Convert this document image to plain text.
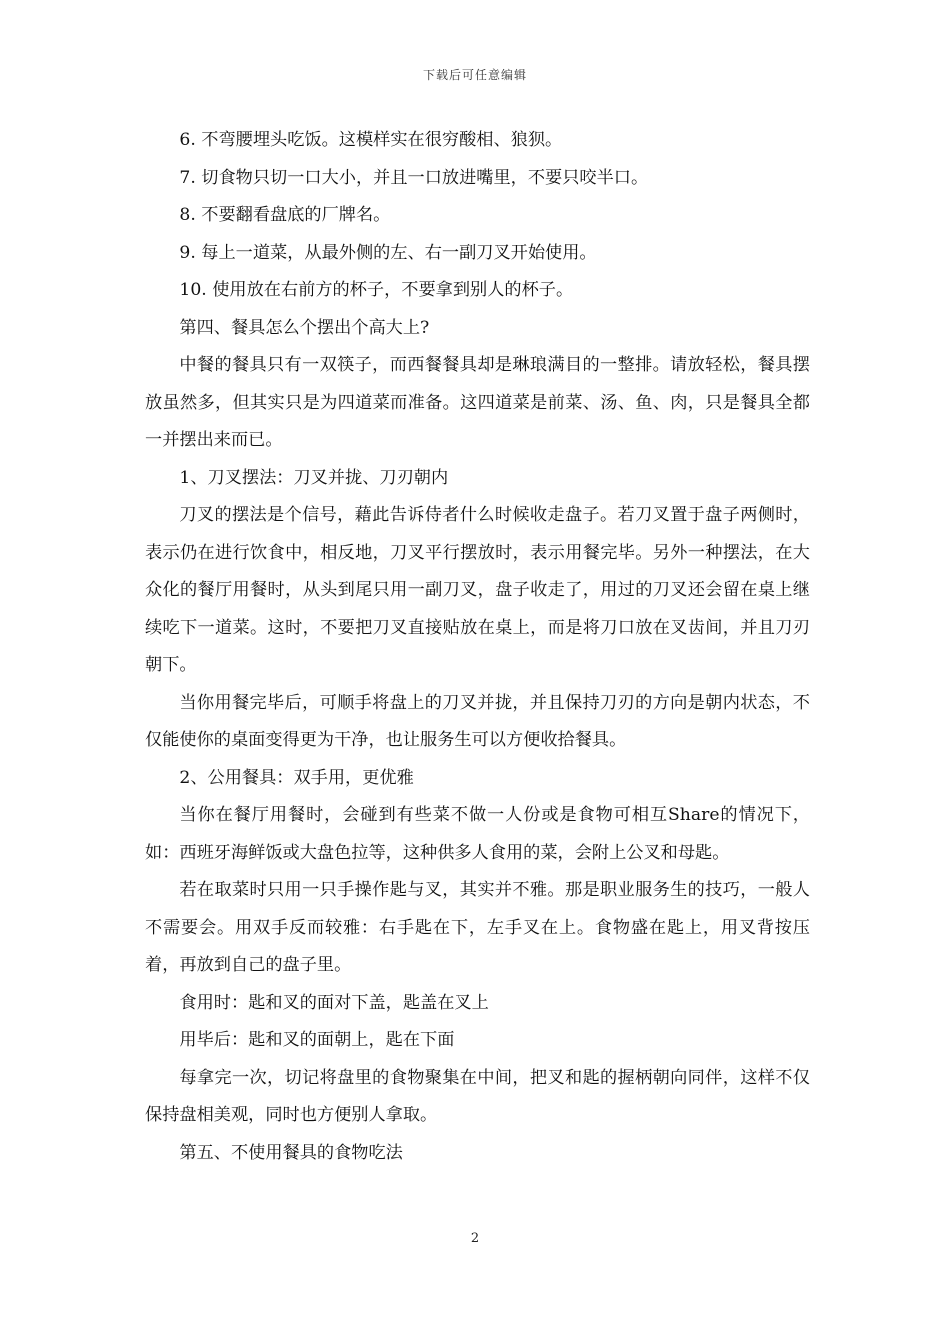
下载后可任意编辑

6. 不弯腰埋头吃饭。这模样实在很穷酸相、狼狈。

7. 切食物只切一口大小，并且一口放进嘴里，不要只咬半口。

8. 不要翻看盘底的厂牌名。

9. 每上一道菜，从最外侧的左、右一副刀叉开始使用。

10. 使用放在右前方的杯子，不要拿到别人的杯子。

第四、餐具怎么个摆出个高大上?

中餐的餐具只有一双筷子，而西餐餐具却是琳琅满目的一整排。请放轻松，餐具摆放虽然多，但其实只是为四道菜而准备。这四道菜是前菜、汤、鱼、肉，只是餐具全都一并摆出来而已。

1、刀叉摆法：刀叉并拢、刀刃朝内

刀叉的摆法是个信号，藉此告诉侍者什么时候收走盘子。若刀叉置于盘子两侧时，表示仍在进行饮食中，相反地，刀叉平行摆放时，表示用餐完毕。另外一种摆法，在大众化的餐厅用餐时，从头到尾只用一副刀叉，盘子收走了，用过的刀叉还会留在桌上继续吃下一道菜。这时，不要把刀叉直接贴放在桌上，而是将刀口放在叉齿间，并且刀刃朝下。

当你用餐完毕后，可顺手将盘上的刀叉并拢，并且保持刀刃的方向是朝内状态，不仅能使你的桌面变得更为干净，也让服务生可以方便收拾餐具。

2、公用餐具：双手用，更优雅

当你在餐厅用餐时，会碰到有些菜不做一人份或是食物可相互Share的情况下，如：西班牙海鲜饭或大盘色拉等，这种供多人食用的菜，会附上公叉和母匙。

若在取菜时只用一只手操作匙与叉，其实并不雅。那是职业服务生的技巧，一般人不需要会。用双手反而较雅：右手匙在下，左手叉在上。食物盛在匙上，用叉背按压着，再放到自己的盘子里。

食用时：匙和叉的面对下盖，匙盖在叉上

用毕后：匙和叉的面朝上，匙在下面

每拿完一次，切记将盘里的食物聚集在中间，把叉和匙的握柄朝向同伴，这样不仅保持盘相美观，同时也方便别人拿取。

第五、不使用餐具的食物吃法

2
